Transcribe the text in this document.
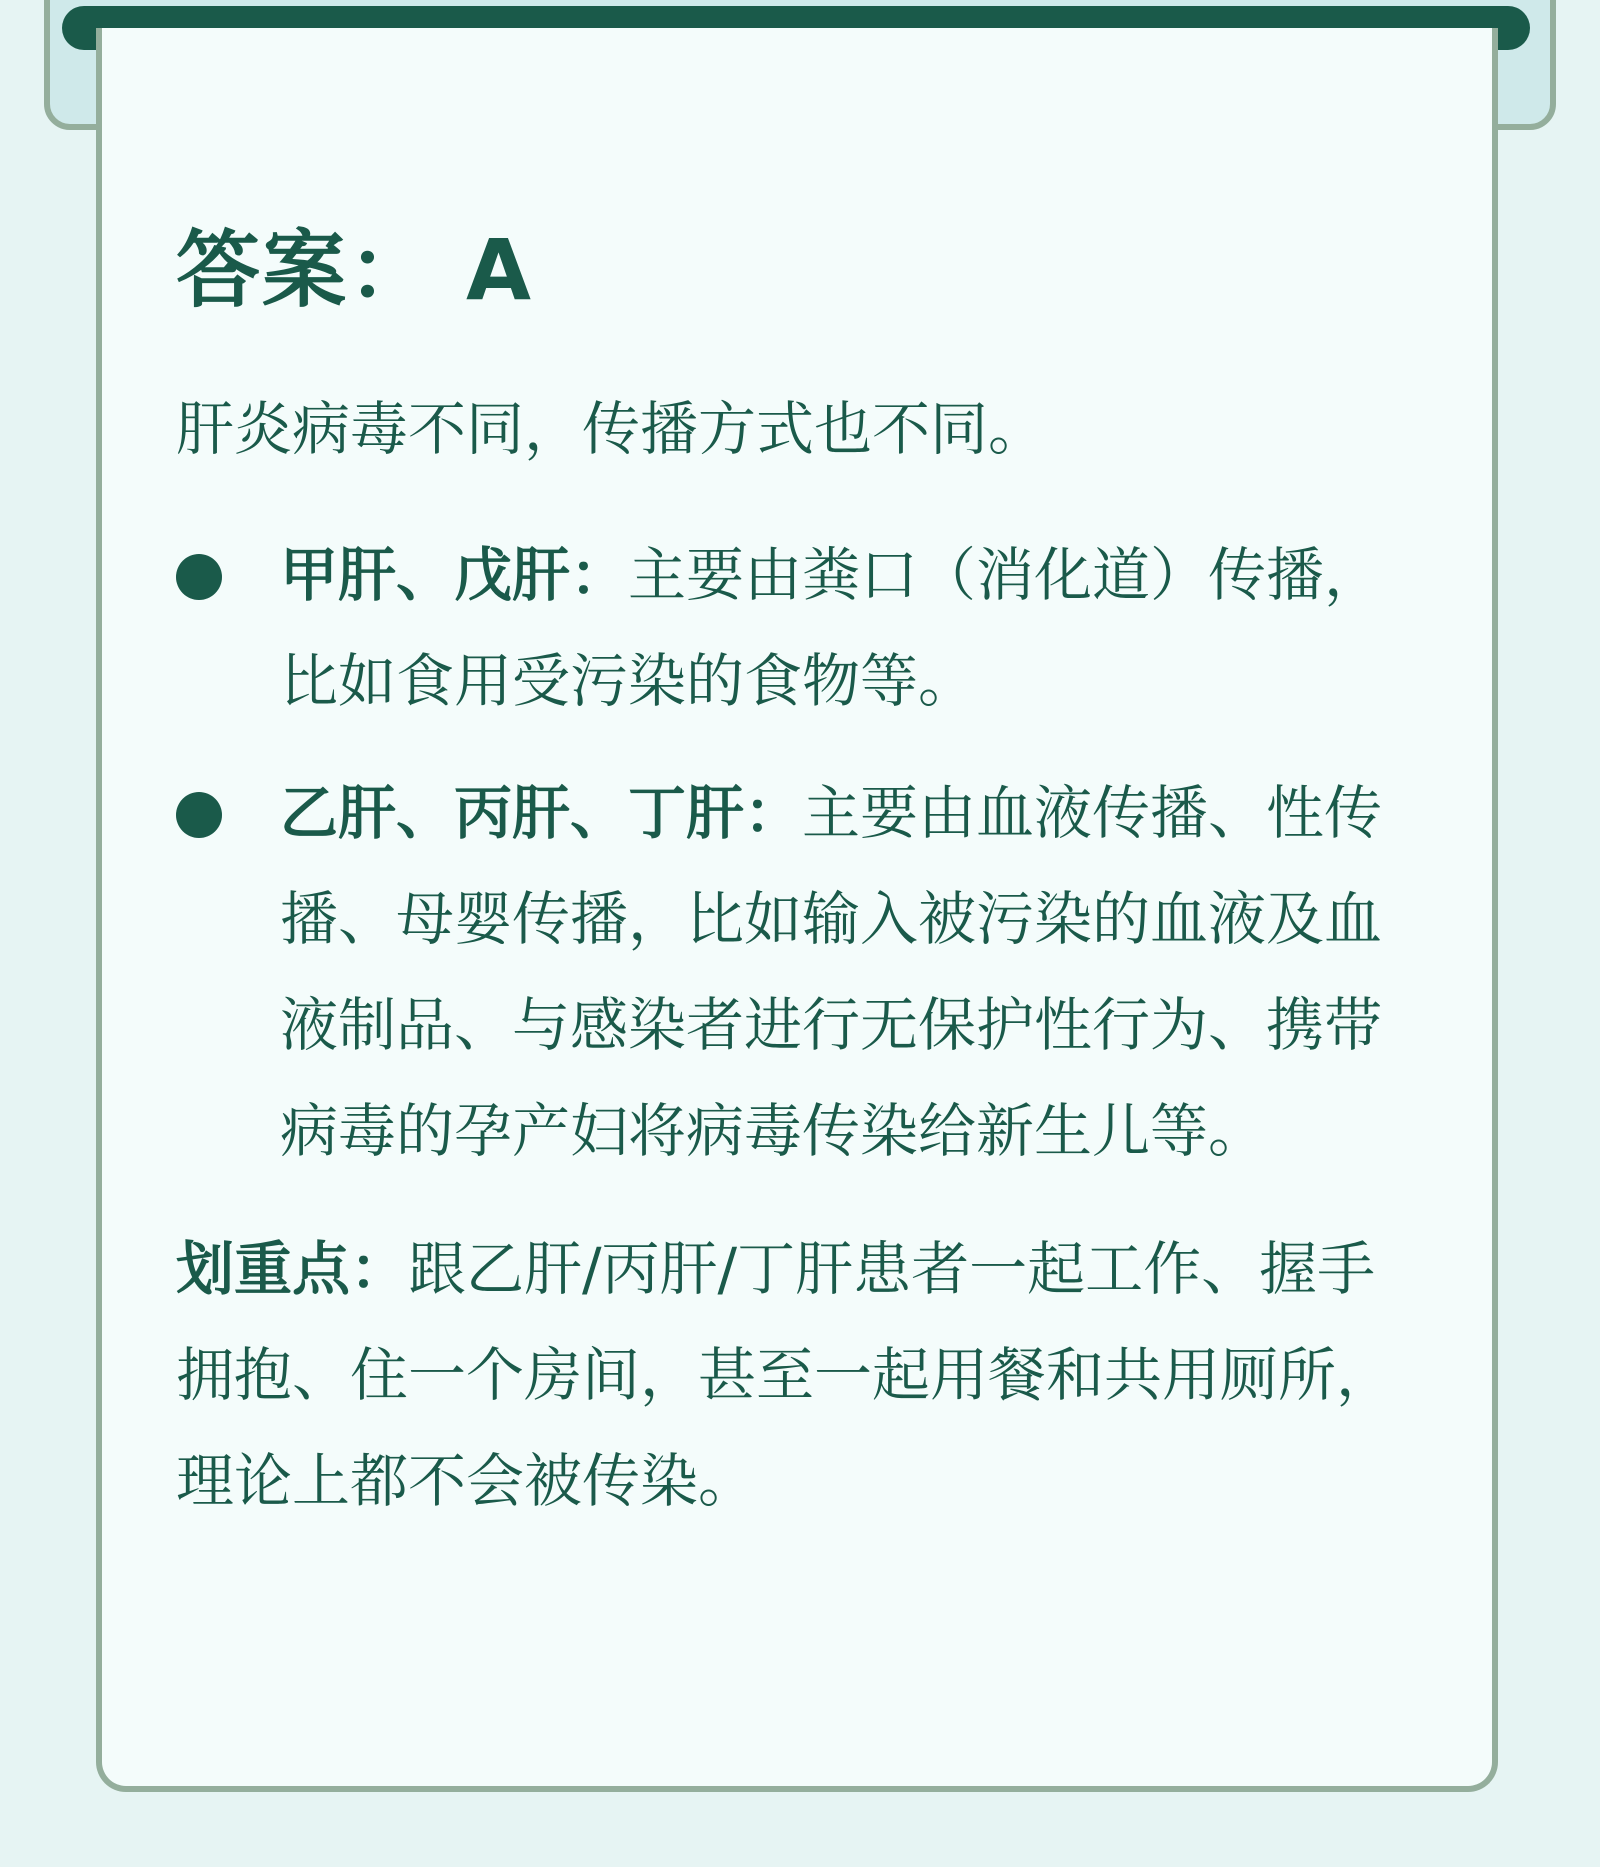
答案： A

肝炎病毒不同，传播方式也不同。

甲肝、戊肝：主要由粪口（消化道）传播，比如食用受污染的食物等。
乙肝、丙肝、丁肝：主要由血液传播、性传播、母婴传播，比如输入被污染的血液及血液制品、与感染者进行无保护性行为、携带病毒的孕产妇将病毒传染给新生儿等。

划重点：跟乙肝/丙肝/丁肝患者一起工作、握手拥抱、住一个房间，甚至一起用餐和共用厕所，理论上都不会被传染。
